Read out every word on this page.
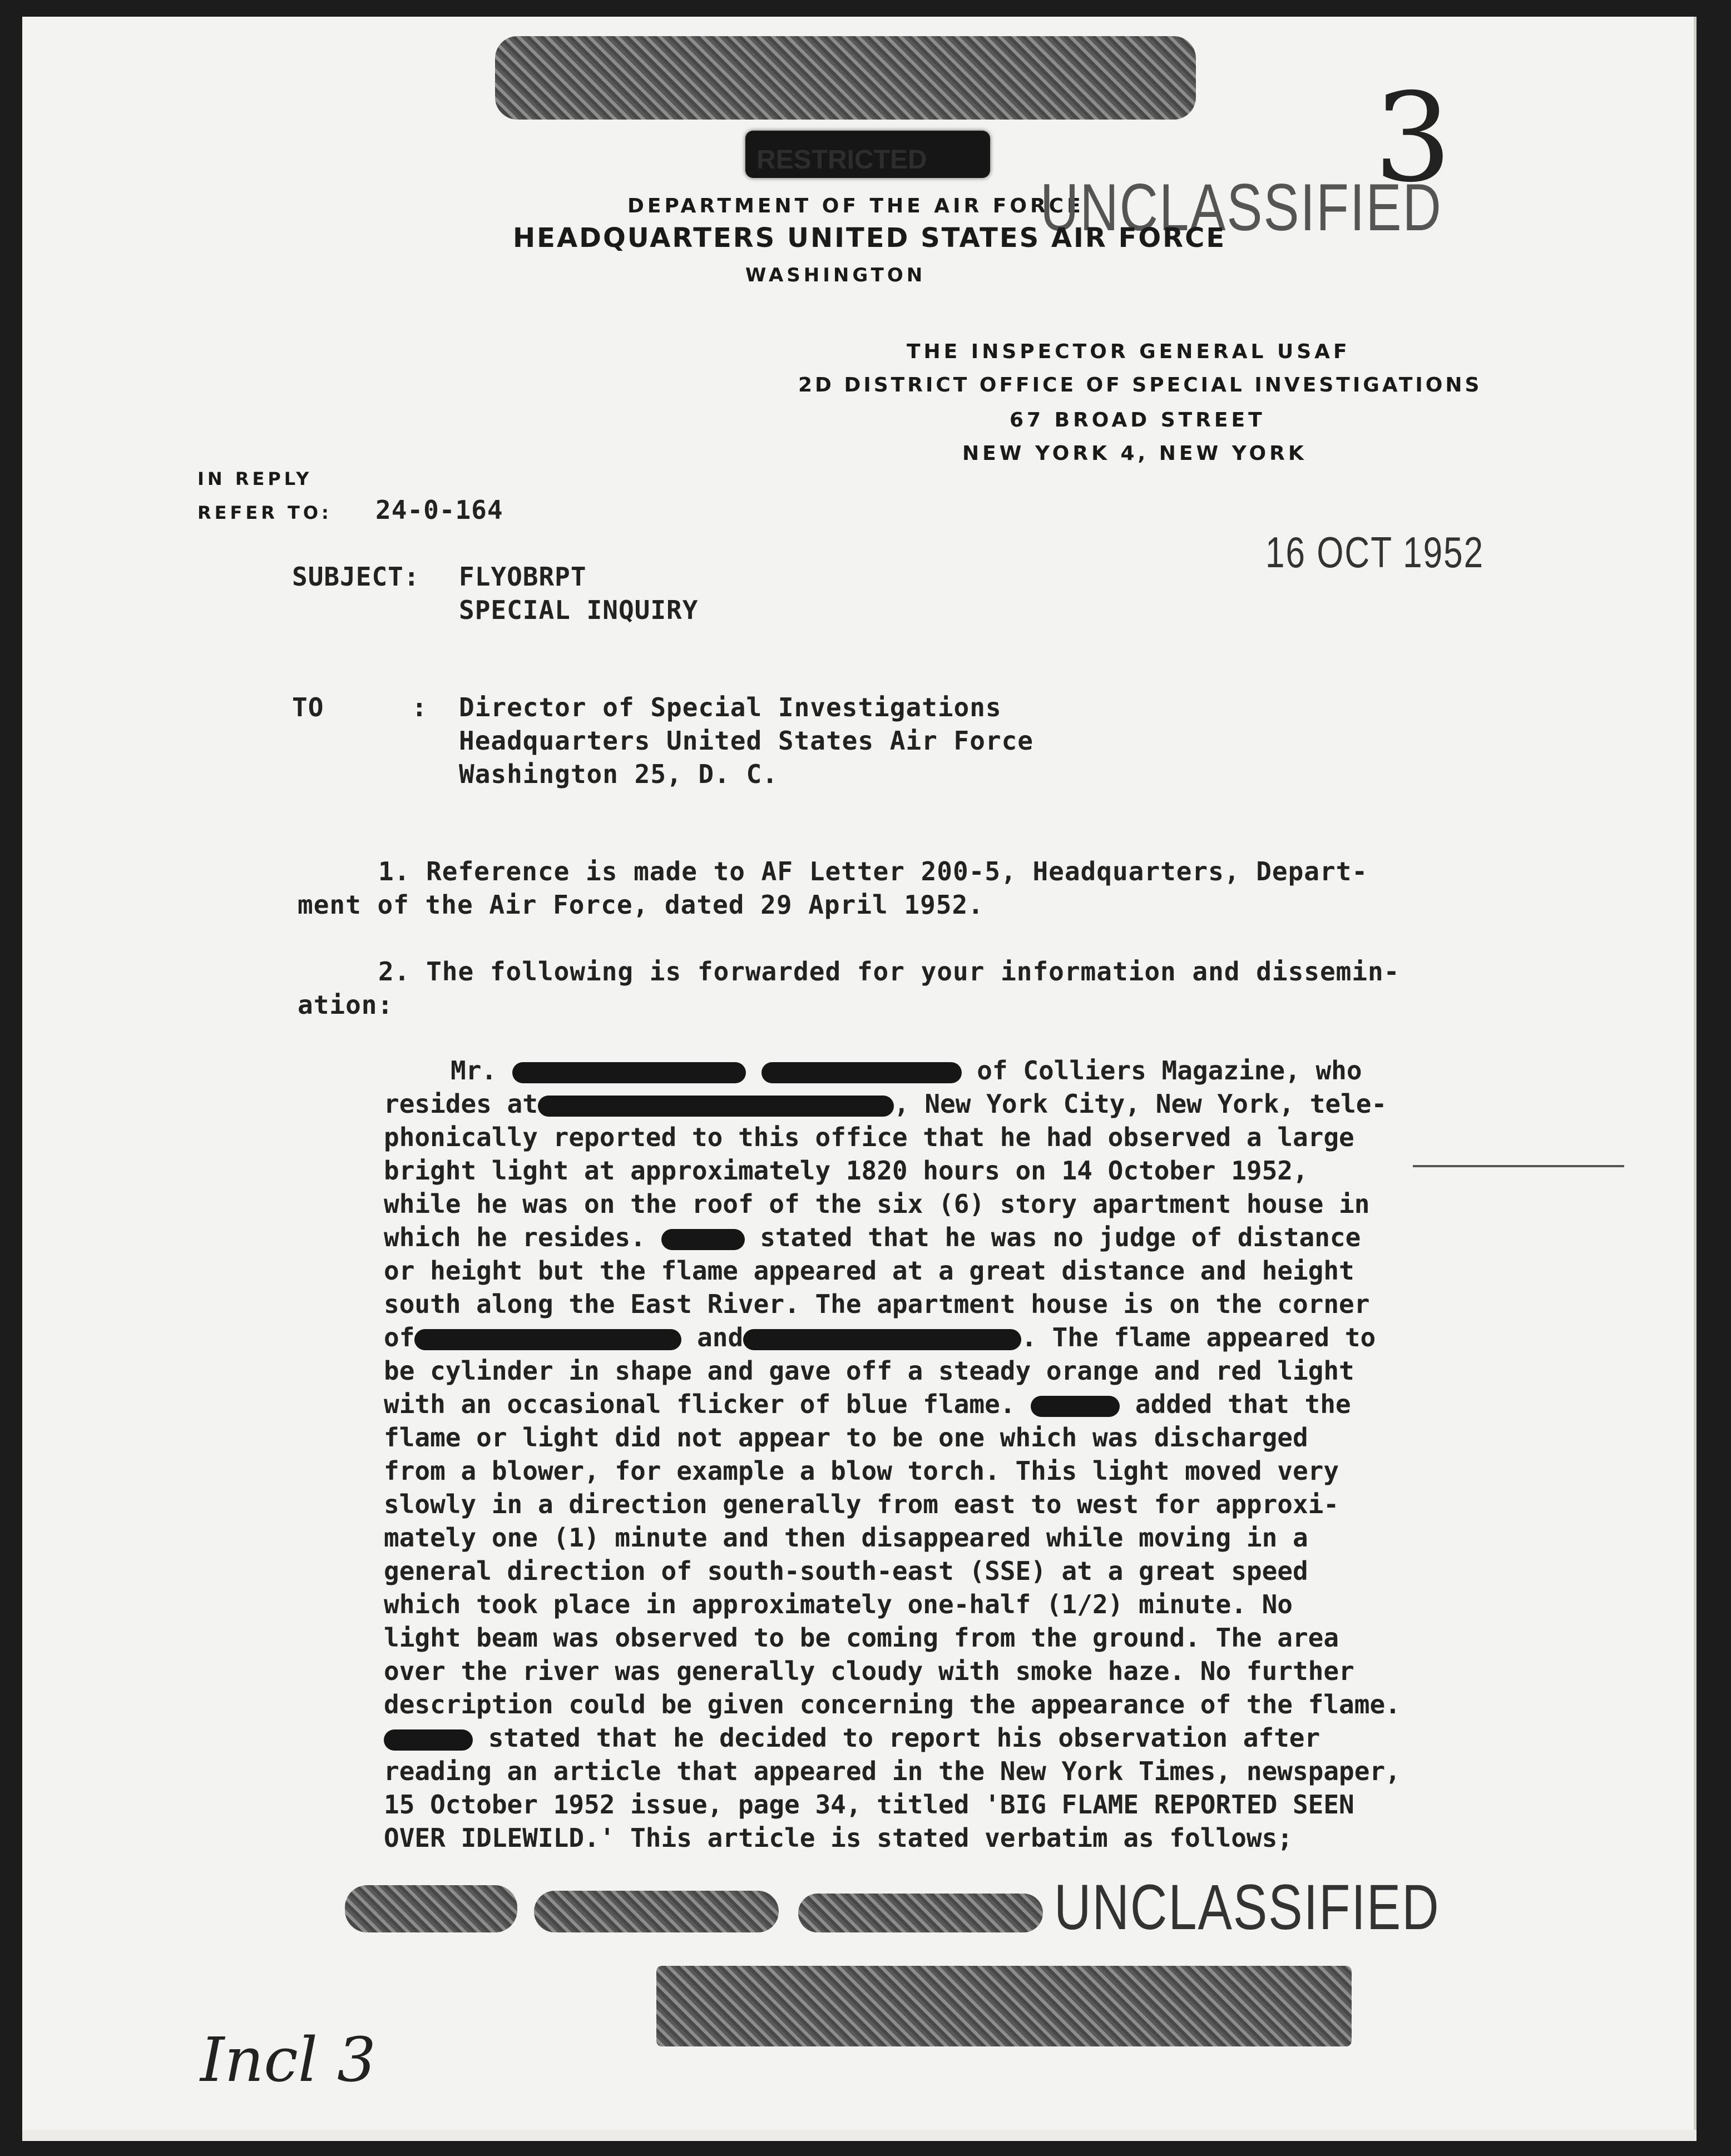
RESTRICTED	3
DEPARTMENT OF THE AIR FORCE
UNCLASSIFIED
HEADQUARTERS UNITED STATES AIR FORCE
WASHINGTON
THE INSPECTOR GENERAL USAF
2D DISTRICT OFFICE OF SPECIAL INVESTIGATIONS
67 BROAD STREET
NEW YORK 4, NEW YORK
IN REPLY
REFER TO: 24-0-164
16 OCT 1952
SUBJECT: FLYOBRPT
SPECIAL INQUIRY
TO	: Director of Special Investigations
Headquarters United States Air Force
Washington 25, D. C.
1. Reference is made to AF Letter 200-5, Headquarters, Depart-
ment of the Air Force, dated 29 April 1952.
2. The following is forwarded for your information and dissemin-
ation:
Mr.	of Colliers Magazine, who
resides at	, New York City, New York, tele-
phonically reported to this office that he had observed a large
bright light at approximately 1820 hours on 14 October 1952,
while he was on the roof of the six (6) story apartment house in
which he resides.	stated that he was no judge of distance
or height but the flame appeared at a great distance and height
south along the East River. The apartment house is on the corner
of	and	. The flame appeared to
be cylinder in shape and gave off a steady orange and red light
with an occasional flicker of blue flame.	added that the
flame or light did not appear to be one which was discharged
from a blower, for example a blow torch. This light moved very
slowly in a direction generally from east to west for approxi-
mately one (1) minute and then disappeared while moving in a
general direction of south-south-east (SSE) at a great speed
which took place in approximately one-half (1/2) minute. No
light beam was observed to be coming from the ground. The area
over the river was generally cloudy with smoke haze. No further
description could be given concerning the appearance of the flame.
stated that he decided to report his observation after
reading an article that appeared in the New York Times, newspaper,
15 October 1952 issue, page 34, titled 'BIG FLAME REPORTED SEEN
OVER IDLEWILD.' This article is stated verbatim as follows;
UNCLASSIFIED
Incl 3
